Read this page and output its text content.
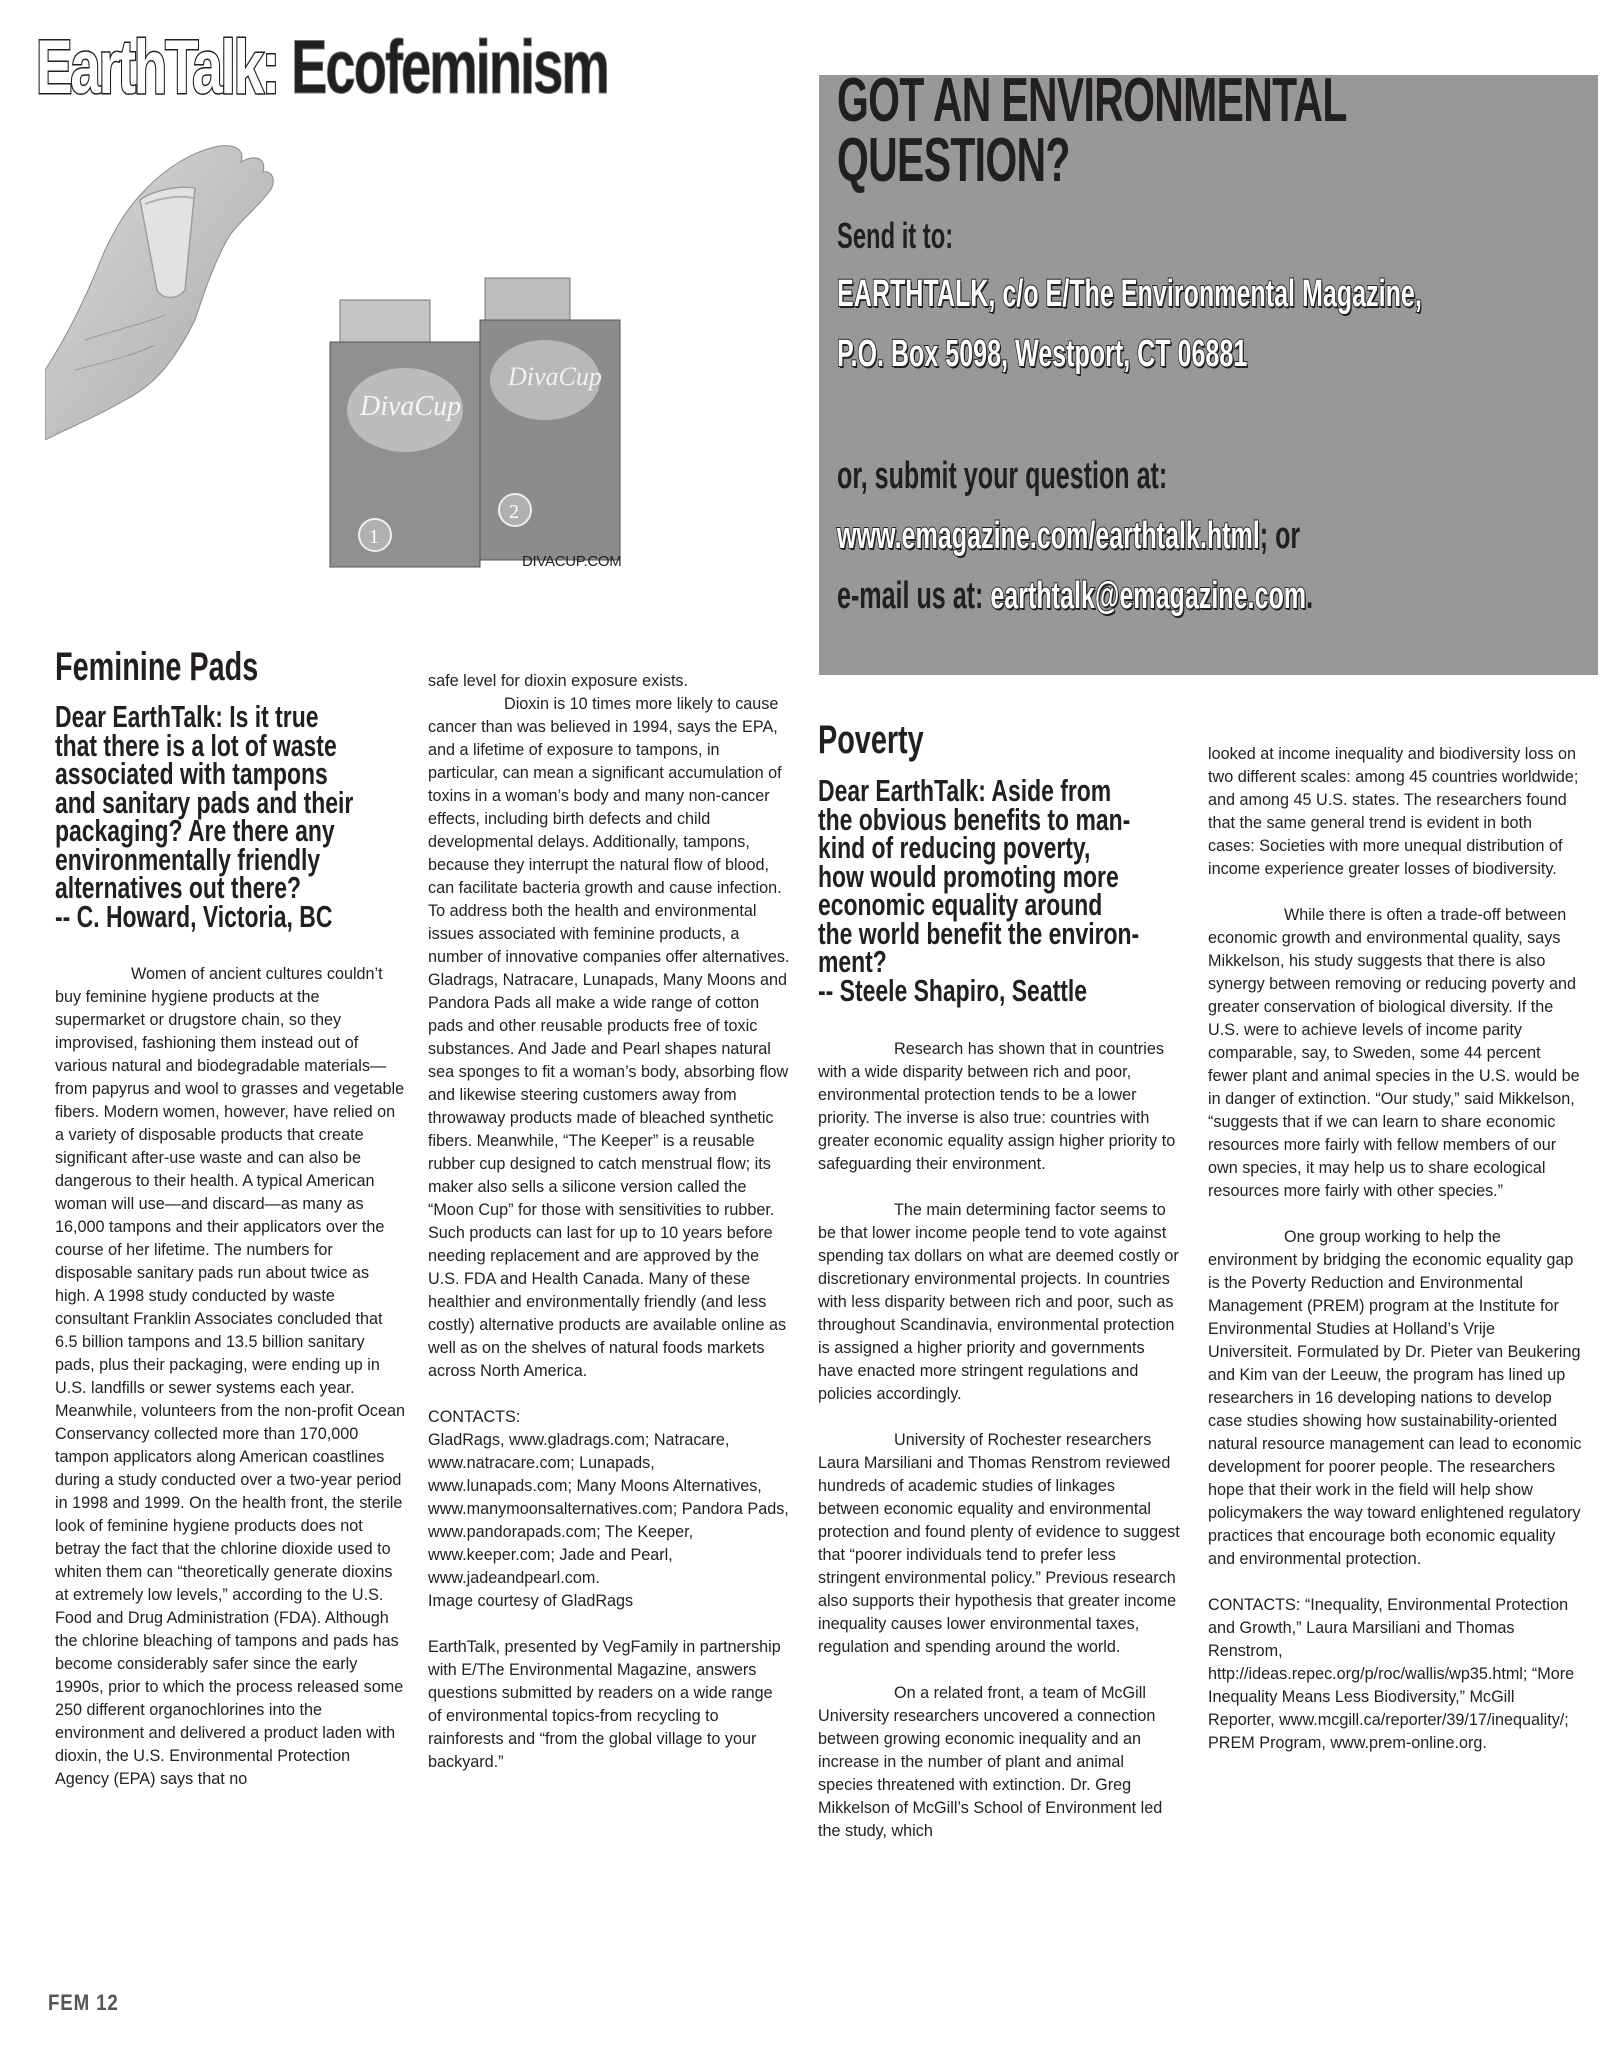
EarthTalk: Ecofeminism
DivaCup
2
DivaCup
1
DIVACUP.COM
GOT AN ENVIRONMENTAL
QUESTION?
Send it to:
EARTHTALK, c/o E/The Environmental Magazine,
P.O. Box 5098, Westport, CT 06881
or, submit your question at:
www.emagazine.com/earthtalk.html; or
e-mail us at: earthtalk@emagazine.com.
Feminine Pads
Dear EarthTalk: Is it true
that there is a lot of waste
associated with tampons
and sanitary pads and their
packaging? Are there any
environmentally friendly
alternatives out there?
-- C. Howard, Victoria, BC

Women of ancient cultures couldn’t buy feminine hygiene products at the supermarket or drugstore chain, so they improvised, fashioning them instead out of various natural and biodegradable materials—from papyrus and wool to grasses and vegetable fibers. Modern women, however, have relied on a variety of disposable products that create significant after-use waste and can also be dangerous to their health. A typical American woman will use—and discard—as many as 16,000 tampons and their applicators over the course of her lifetime. The numbers for disposable sanitary pads run about twice as high. A 1998 study conducted by waste consultant Franklin Associates concluded that 6.5 billion tampons and 13.5 billion sanitary pads, plus their packaging, were ending up in U.S. landfills or sewer systems each year. Meanwhile, volunteers from the non-profit Ocean Conservancy collected more than 170,000 tampon applicators along American coastlines during a study conducted over a two-year period in 1998 and 1999. On the health front, the sterile look of feminine hygiene products does not betray the fact that the chlorine dioxide used to whiten them can “theoretically generate dioxins at extremely low levels,” according to the U.S. Food and Drug Administration (FDA). Although the chlorine bleaching of tampons and pads has become considerably safer since the early 1990s, prior to which the process released some 250 different organochlorines into the environment and delivered a product laden with dioxin, the U.S. Environmental Protection Agency (EPA) says that no

safe level for dioxin exposure exists.

Dioxin is 10 times more likely to cause cancer than was believed in 1994, says the EPA, and a lifetime of exposure to tampons, in particular, can mean a significant accumulation of toxins in a woman’s body and many non-cancer effects, including birth defects and child developmental delays. Additionally, tampons, because they interrupt the natural flow of blood, can facilitate bacteria growth and cause infection. To address both the health and environmental issues associated with feminine products, a number of innovative companies offer alternatives. Gladrags, Natracare, Lunapads, Many Moons and Pandora Pads all make a wide range of cotton pads and other reusable products free of toxic substances. And Jade and Pearl shapes natural sea sponges to fit a woman’s body, absorbing flow and likewise steering customers away from throwaway products made of bleached synthetic fibers. Meanwhile, “The Keeper” is a reusable rubber cup designed to catch menstrual flow; its maker also sells a silicone version called the “Moon Cup” for those with sensitivities to rubber. Such products can last for up to 10 years before needing replacement and are approved by the U.S. FDA and Health Canada. Many of these healthier and environmentally friendly (and less costly) alternative products are available online as well as on the shelves of natural foods markets across North America.

CONTACTS:

GladRags, www.gladrags.com; Natracare, www.natracare.com; Lunapads, www.lunapads.com; Many Moons Alternatives, www.manymoonsalternatives.com; Pandora Pads, www.pandorapads.com; The Keeper, www.keeper.com; Jade and Pearl, www.jadeandpearl.com.

Image courtesy of GladRags

EarthTalk, presented by VegFamily in partnership with E/The Environmental Magazine, answers questions submitted by readers on a wide range of environmental topics-from recycling to rainforests and “from the global village to your backyard.”

Poverty
Dear EarthTalk: Aside from
the obvious benefits to man-
kind of reducing poverty,
how would promoting more
economic equality around
the world benefit the environ-
ment?
-- Steele Shapiro, Seattle

Research has shown that in countries with a wide disparity between rich and poor, environmental protection tends to be a lower priority. The inverse is also true: countries with greater economic equality assign higher priority to safeguarding their environment.

The main determining factor seems to be that lower income people tend to vote against spending tax dollars on what are deemed costly or discretionary environmental projects. In countries with less disparity between rich and poor, such as throughout Scandinavia, environmental protection is assigned a higher priority and governments have enacted more stringent regulations and policies accordingly.

University of Rochester researchers Laura Marsiliani and Thomas Renstrom reviewed hundreds of academic studies of linkages between economic equality and environmental protection and found plenty of evidence to suggest that “poorer individuals tend to prefer less stringent environmental policy.” Previous research also supports their hypothesis that greater income inequality causes lower environmental taxes, regulation and spending around the world.

On a related front, a team of McGill University researchers uncovered a connection between growing economic inequality and an increase in the number of plant and animal species threatened with extinction. Dr. Greg Mikkelson of McGill’s School of Environment led the study, which

looked at income inequality and biodiversity loss on two different scales: among 45 countries worldwide; and among 45 U.S. states. The researchers found that the same general trend is evident in both cases: Societies with more unequal distribution of income experience greater losses of biodiversity.

While there is often a trade-off between economic growth and environmental quality, says Mikkelson, his study suggests that there is also synergy between removing or reducing poverty and greater conservation of biological diversity. If the U.S. were to achieve levels of income parity comparable, say, to Sweden, some 44 percent fewer plant and animal species in the U.S. would be in danger of extinction. “Our study,” said Mikkelson, “suggests that if we can learn to share economic resources more fairly with fellow members of our own species, it may help us to share ecological resources more fairly with other species.”

One group working to help the environment by bridging the economic equality gap is the Poverty Reduction and Environmental Management (PREM) program at the Institute for Environmental Studies at Holland’s Vrije Universiteit. Formulated by Dr. Pieter van Beukering and Kim van der Leeuw, the program has lined up researchers in 16 developing nations to develop case studies showing how sustainability-oriented natural resource management can lead to economic development for poorer people. The researchers hope that their work in the field will help show policymakers the way toward enlightened regulatory practices that encourage both economic equality and environmental protection.

CONTACTS: “Inequality, Environmental Protection and Growth,” Laura Marsiliani and Thomas Renstrom, http://ideas.repec.org/p/roc/wallis/wp35.html; “More Inequality Means Less Biodiversity,” McGill Reporter, www.mcgill.ca/reporter/39/17/inequality/; PREM Program, www.prem-online.org.

FEM 12
